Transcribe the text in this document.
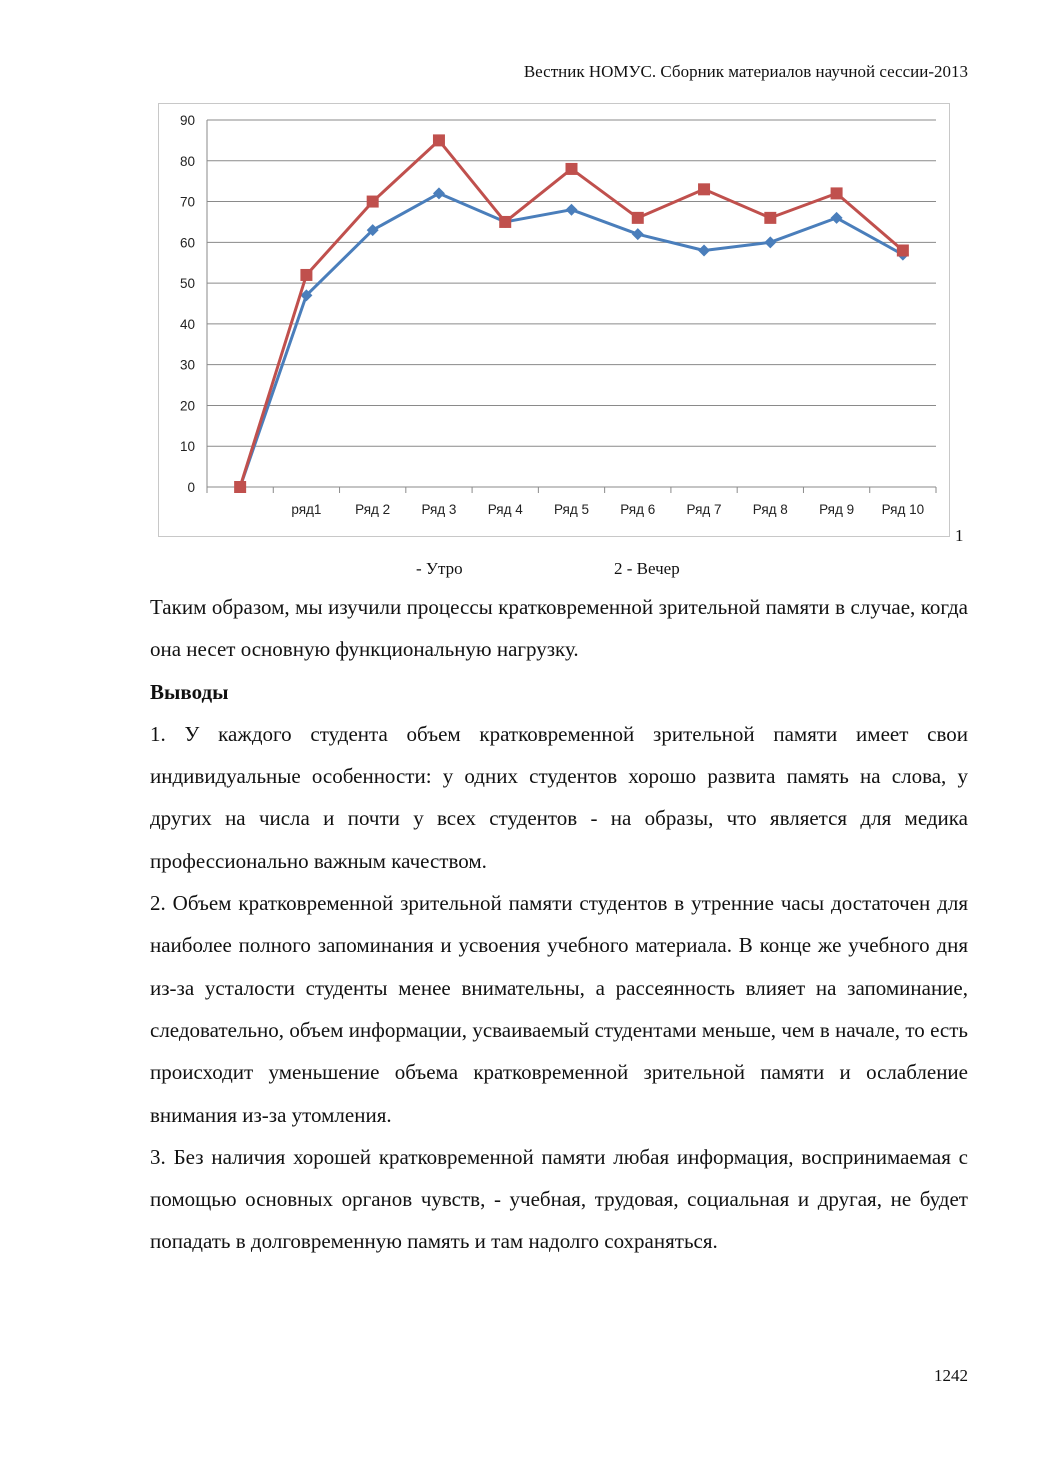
Вестник НОМУС. Сборник материалов научной сессии-2013
0
10
20
30
40
50
60
70
80
90
ряд1 Ряд 2 Ряд 3 Ряд 4 Ряд 5 Ряд 6 Ряд 7 Ряд 8 Ряд 9 Ряд 10
1
- Утро	2 - Вечер

Таким образом, мы изучили процессы кратковременной зрительной памяти в случае, когда она несет основную функциональную нагрузку.

Выводы

1. У каждого студента объем кратковременной зрительной памяти имеет свои индивидуальные особенности: у одних студентов хорошо развита память на слова, у других на числа и почти у всех студентов - на образы, что является для медика профессионально важным качеством.

2. Объем кратковременной зрительной памяти студентов в утренние часы достаточен для наиболее полного запоминания и усвоения учебного материала. В конце же учебного дня из-за усталости студенты менее внимательны, а рассеянность влияет на запоминание, следовательно, объем информации, усваиваемый студентами меньше, чем в начале, то есть происходит уменьшение объема кратковременной зрительной памяти и ослабление внимания из-за утомления.

3. Без наличия хорошей кратковременной памяти любая информация, воспринимаемая с помощью основных органов чувств, - учебная, трудовая, социальная и другая, не будет попадать в долговременную память и там надолго сохраняться.

1242
